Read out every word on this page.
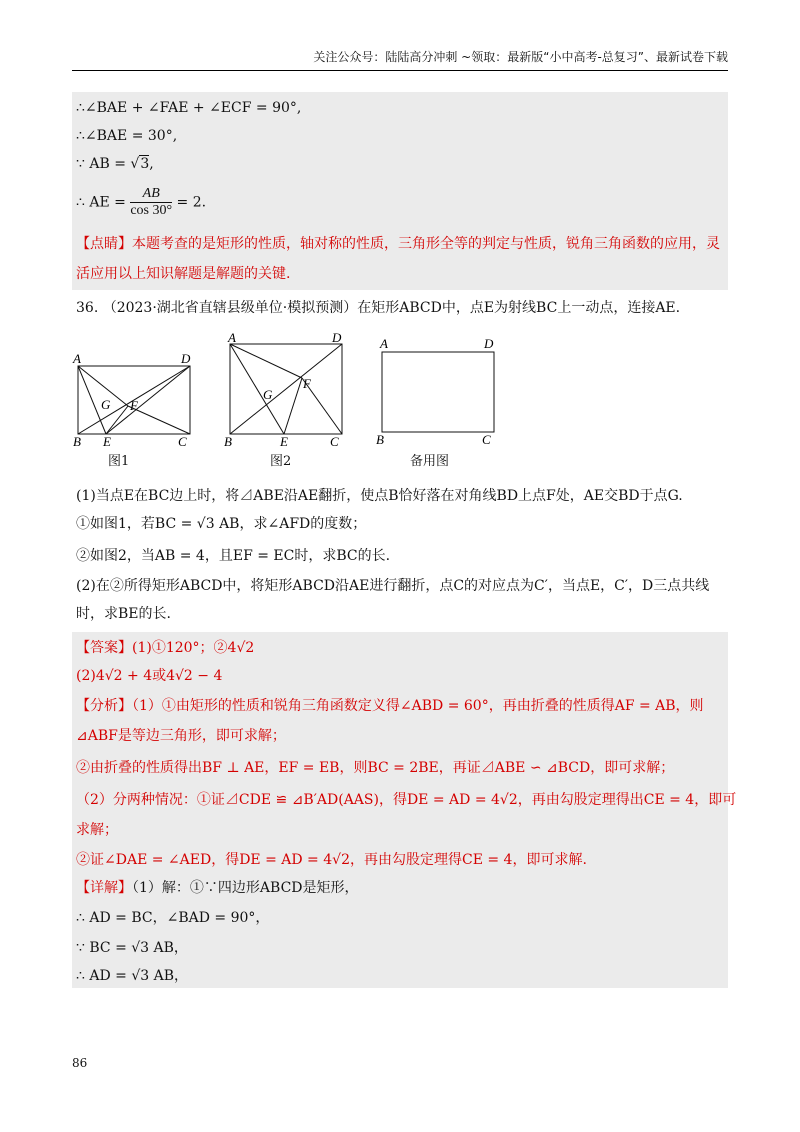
关注公众号：陆陆高分冲刺 ~领取：最新版“小中高考-总复习”、最新试卷下载
∴∠BAE + ∠FAE + ∠ECF = 90°,
∴∠BAE = 30°,
∵ AB = √3,
∴ AE = $\frac{AB}{\cos 30^\circ} = 2$.
【点睛】本题考查的是矩形的性质，轴对称的性质，三角形全等的判定与性质，锐角三角函数的应用，灵
活应用以上知识解题是解题的关键.
36. （2023·湖北省直辖县级单位·模拟预测）在矩形ABCD中，点E为射线BC上一动点，连接AE.
A	D
B E	C
G F
A	D
B	E	C
G
F
A	D
B	C
图1	图2	备用图
(1)当点E在BC边上时，将⊿ABE沿AE翻折，使点B恰好落在对角线BD上点F处，AE交BD于点G.
①如图1，若BC = √3 AB，求∠AFD的度数；
②如图2，当AB = 4，且EF = EC时，求BC的长.
(2)在②所得矩形ABCD中，将矩形ABCD沿AE进行翻折，点C的对应点为C′，当点E，C′，D三点共线
时，求BE的长.
【答案】(1)①120°；②4√2
(2)4√2 + 4或4√2 − 4
【分析】（1）①由矩形的性质和锐角三角函数定义得∠ABD = 60°，再由折叠的性质得AF = AB，则
⊿ABF是等边三角形，即可求解；
②由折叠的性质得出BF ⊥ AE，EF = EB，则BC = 2BE，再证⊿ABE ∽ ⊿BCD，即可求解；
（2）分两种情况：①证⊿CDE ≌ ⊿B′AD(AAS)，得DE = AD = 4√2，再由勾股定理得出CE = 4，即可
求解；
②证∠DAE = ∠AED，得DE = AD = 4√2，再由勾股定理得CE = 4，即可求解.
【详解】（1）解：①∵四边形ABCD是矩形，
∴ AD = BC，∠BAD = 90°，
∵ BC = √3 AB，
∴ AD = √3 AB，
86
